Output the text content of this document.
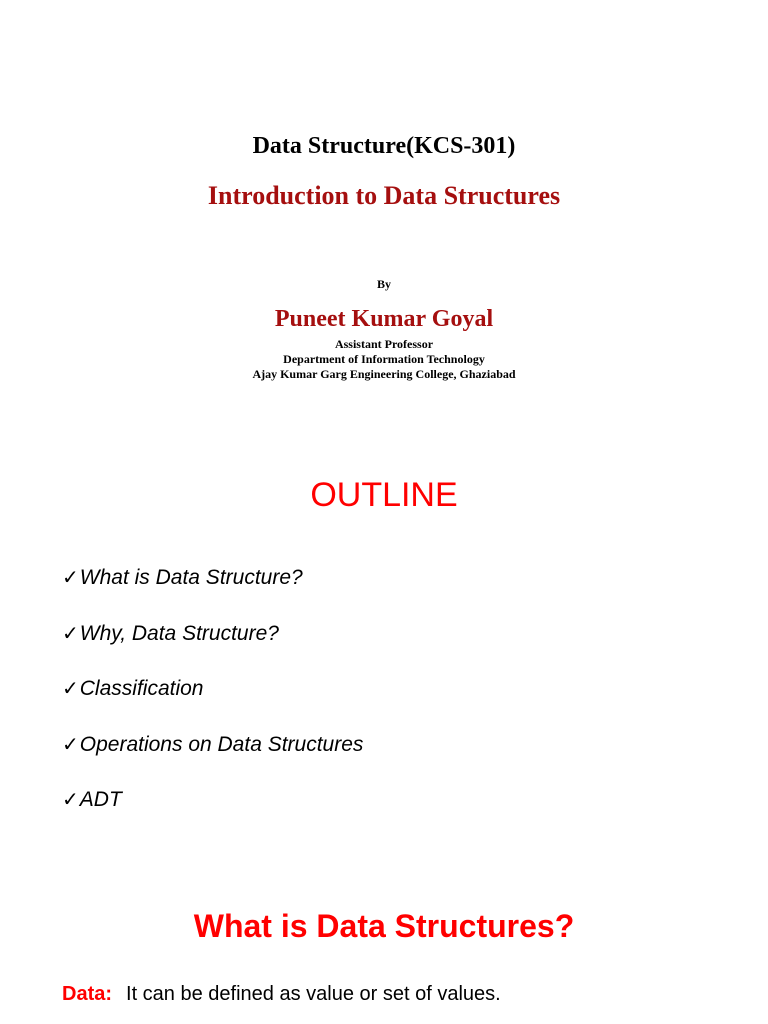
Data Structure(KCS-301)
Introduction to Data Structures
By
Puneet Kumar Goyal
Assistant Professor
Department of Information Technology
Ajay Kumar Garg Engineering College, Ghaziabad
OUTLINE
✓What is Data Structure?
✓Why, Data Structure?
✓Classification
✓Operations on Data Structures
✓ADT
What is Data Structures?
Data: It can be defined as value or set of values.
